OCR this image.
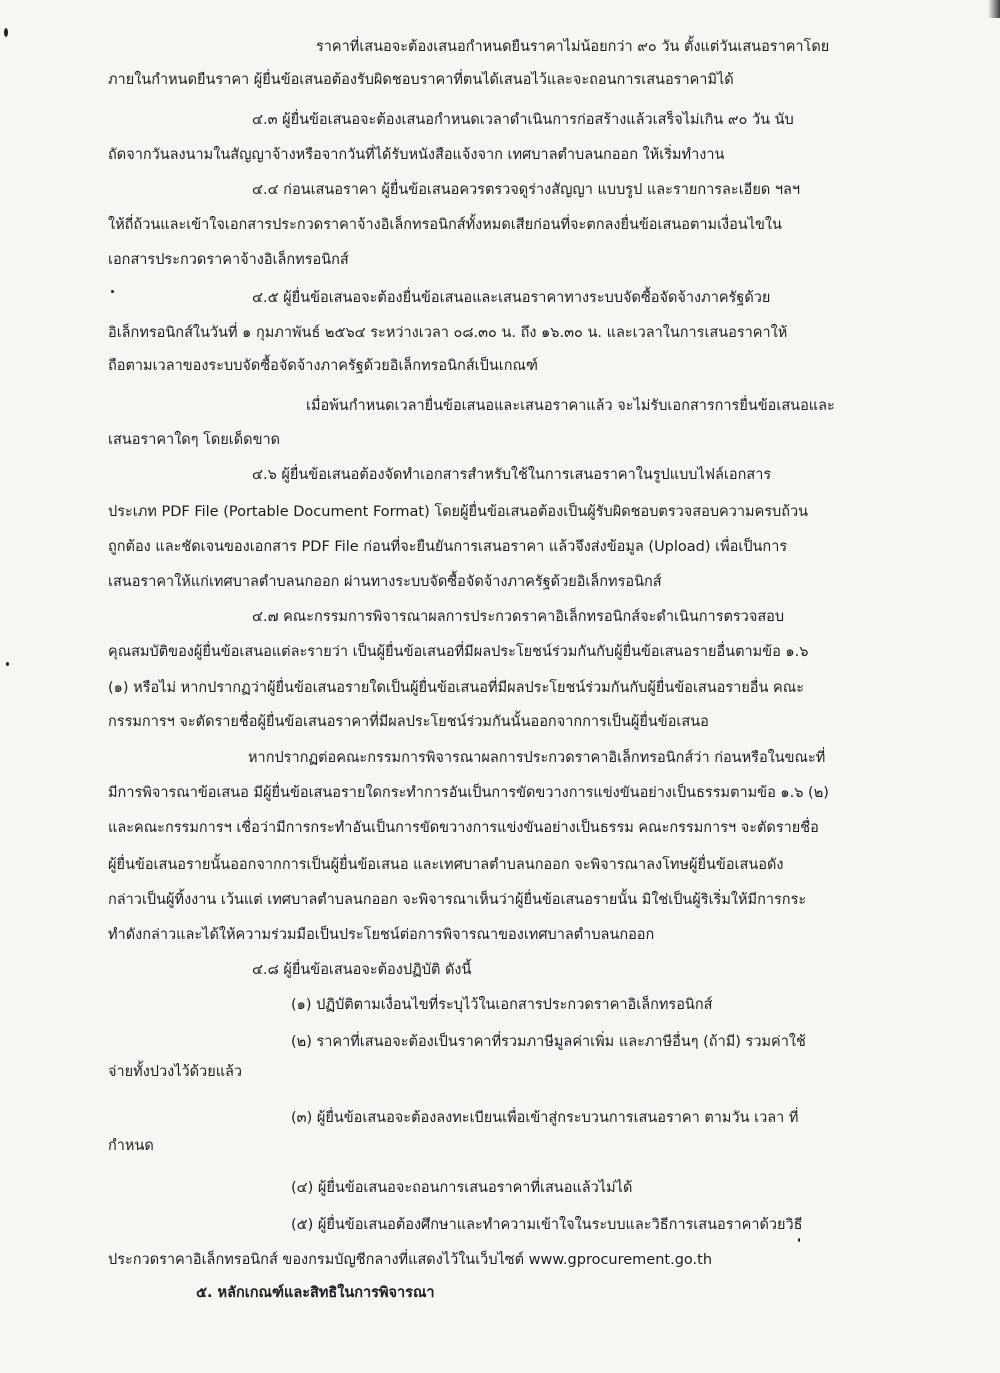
ราคาที่เสนอจะต้องเสนอกำหนดยืนราคาไม่น้อยกว่า ๙๐ วัน ตั้งแต่วันเสนอราคาโดย
ภายในกำหนดยืนราคา ผู้ยื่นข้อเสนอต้องรับผิดชอบราคาที่ตนได้เสนอไว้และจะถอนการเสนอราคามิได้
๔.๓ ผู้ยื่นข้อเสนอจะต้องเสนอกำหนดเวลาดำเนินการก่อสร้างแล้วเสร็จไม่เกิน ๙๐ วัน นับ
ถัดจากวันลงนามในสัญญาจ้างหรือจากวันที่ได้รับหนังสือแจ้งจาก เทศบาลตำบลนกออก ให้เริ่มทำงาน
๔.๔ ก่อนเสนอราคา ผู้ยื่นข้อเสนอควรตรวจดูร่างสัญญา แบบรูป และรายการละเอียด ฯลฯ
ให้ถี่ถ้วนและเข้าใจเอกสารประกวดราคาจ้างอิเล็กทรอนิกส์ทั้งหมดเสียก่อนที่จะตกลงยื่นข้อเสนอตามเงื่อนไขใน
เอกสารประกวดราคาจ้างอิเล็กทรอนิกส์
๔.๕ ผู้ยื่นข้อเสนอจะต้องยื่นข้อเสนอและเสนอราคาทางระบบจัดซื้อจัดจ้างภาครัฐด้วย
อิเล็กทรอนิกส์ในวันที่ ๑ กุมภาพันธ์ ๒๕๖๔ ระหว่างเวลา ๐๘.๓๐ น. ถึง ๑๖.๓๐ น. และเวลาในการเสนอราคาให้
ถือตามเวลาของระบบจัดซื้อจัดจ้างภาครัฐด้วยอิเล็กทรอนิกส์เป็นเกณฑ์
เมื่อพ้นกำหนดเวลายื่นข้อเสนอและเสนอราคาแล้ว จะไม่รับเอกสารการยื่นข้อเสนอและ
เสนอราคาใดๆ โดยเด็ดขาด
๔.๖ ผู้ยื่นข้อเสนอต้องจัดทำเอกสารสำหรับใช้ในการเสนอราคาในรูปแบบไฟล์เอกสาร
ประเภท PDF File (Portable Document Format) โดยผู้ยื่นข้อเสนอต้องเป็นผู้รับผิดชอบตรวจสอบความครบถ้วน
ถูกต้อง และชัดเจนของเอกสาร PDF File ก่อนที่จะยืนยันการเสนอราคา แล้วจึงส่งข้อมูล (Upload) เพื่อเป็นการ
เสนอราคาให้แก่เทศบาลตำบลนกออก ผ่านทางระบบจัดซื้อจัดจ้างภาครัฐด้วยอิเล็กทรอนิกส์
๔.๗ คณะกรรมการพิจารณาผลการประกวดราคาอิเล็กทรอนิกส์จะดำเนินการตรวจสอบ
คุณสมบัติของผู้ยื่นข้อเสนอแต่ละรายว่า เป็นผู้ยื่นข้อเสนอที่มีผลประโยชน์ร่วมกันกับผู้ยื่นข้อเสนอรายอื่นตามข้อ ๑.๖
(๑) หรือไม่ หากปรากฏว่าผู้ยื่นข้อเสนอรายใดเป็นผู้ยื่นข้อเสนอที่มีผลประโยชน์ร่วมกันกับผู้ยื่นข้อเสนอรายอื่น คณะ
กรรมการฯ จะตัดรายชื่อผู้ยื่นข้อเสนอราคาที่มีผลประโยชน์ร่วมกันนั้นออกจากการเป็นผู้ยื่นข้อเสนอ
หากปรากฏต่อคณะกรรมการพิจารณาผลการประกวดราคาอิเล็กทรอนิกส์ว่า ก่อนหรือในขณะที่
มีการพิจารณาข้อเสนอ มีผู้ยื่นข้อเสนอรายใดกระทำการอันเป็นการขัดขวางการแข่งขันอย่างเป็นธรรมตามข้อ ๑.๖ (๒)
และคณะกรรมการฯ เชื่อว่ามีการกระทำอันเป็นการขัดขวางการแข่งขันอย่างเป็นธรรม คณะกรรมการฯ จะตัดรายชื่อ
ผู้ยื่นข้อเสนอรายนั้นออกจากการเป็นผู้ยื่นข้อเสนอ และเทศบาลตำบลนกออก จะพิจารณาลงโทษผู้ยื่นข้อเสนอดัง
กล่าวเป็นผู้ทิ้งงาน เว้นแต่ เทศบาลตำบลนกออก จะพิจารณาเห็นว่าผู้ยื่นข้อเสนอรายนั้น มิใช่เป็นผู้ริเริ่มให้มีการกระ
ทำดังกล่าวและได้ให้ความร่วมมือเป็นประโยชน์ต่อการพิจารณาของเทศบาลตำบลนกออก
๔.๘ ผู้ยื่นข้อเสนอจะต้องปฏิบัติ ดังนี้
(๑) ปฏิบัติตามเงื่อนไขที่ระบุไว้ในเอกสารประกวดราคาอิเล็กทรอนิกส์
(๒) ราคาที่เสนอจะต้องเป็นราคาที่รวมภาษีมูลค่าเพิ่ม และภาษีอื่นๆ (ถ้ามี) รวมค่าใช้
จ่ายทั้งปวงไว้ด้วยแล้ว
(๓) ผู้ยื่นข้อเสนอจะต้องลงทะเบียนเพื่อเข้าสู่กระบวนการเสนอราคา ตามวัน เวลา ที่
กำหนด
(๔) ผู้ยื่นข้อเสนอจะถอนการเสนอราคาที่เสนอแล้วไม่ได้
(๕) ผู้ยื่นข้อเสนอต้องศึกษาและทำความเข้าใจในระบบและวิธีการเสนอราคาด้วยวิธี
ประกวดราคาอิเล็กทรอนิกส์ ของกรมบัญชีกลางที่แสดงไว้ในเว็บไซต์ www.gprocurement.go.th
๕. หลักเกณฑ์และสิทธิในการพิจารณา
